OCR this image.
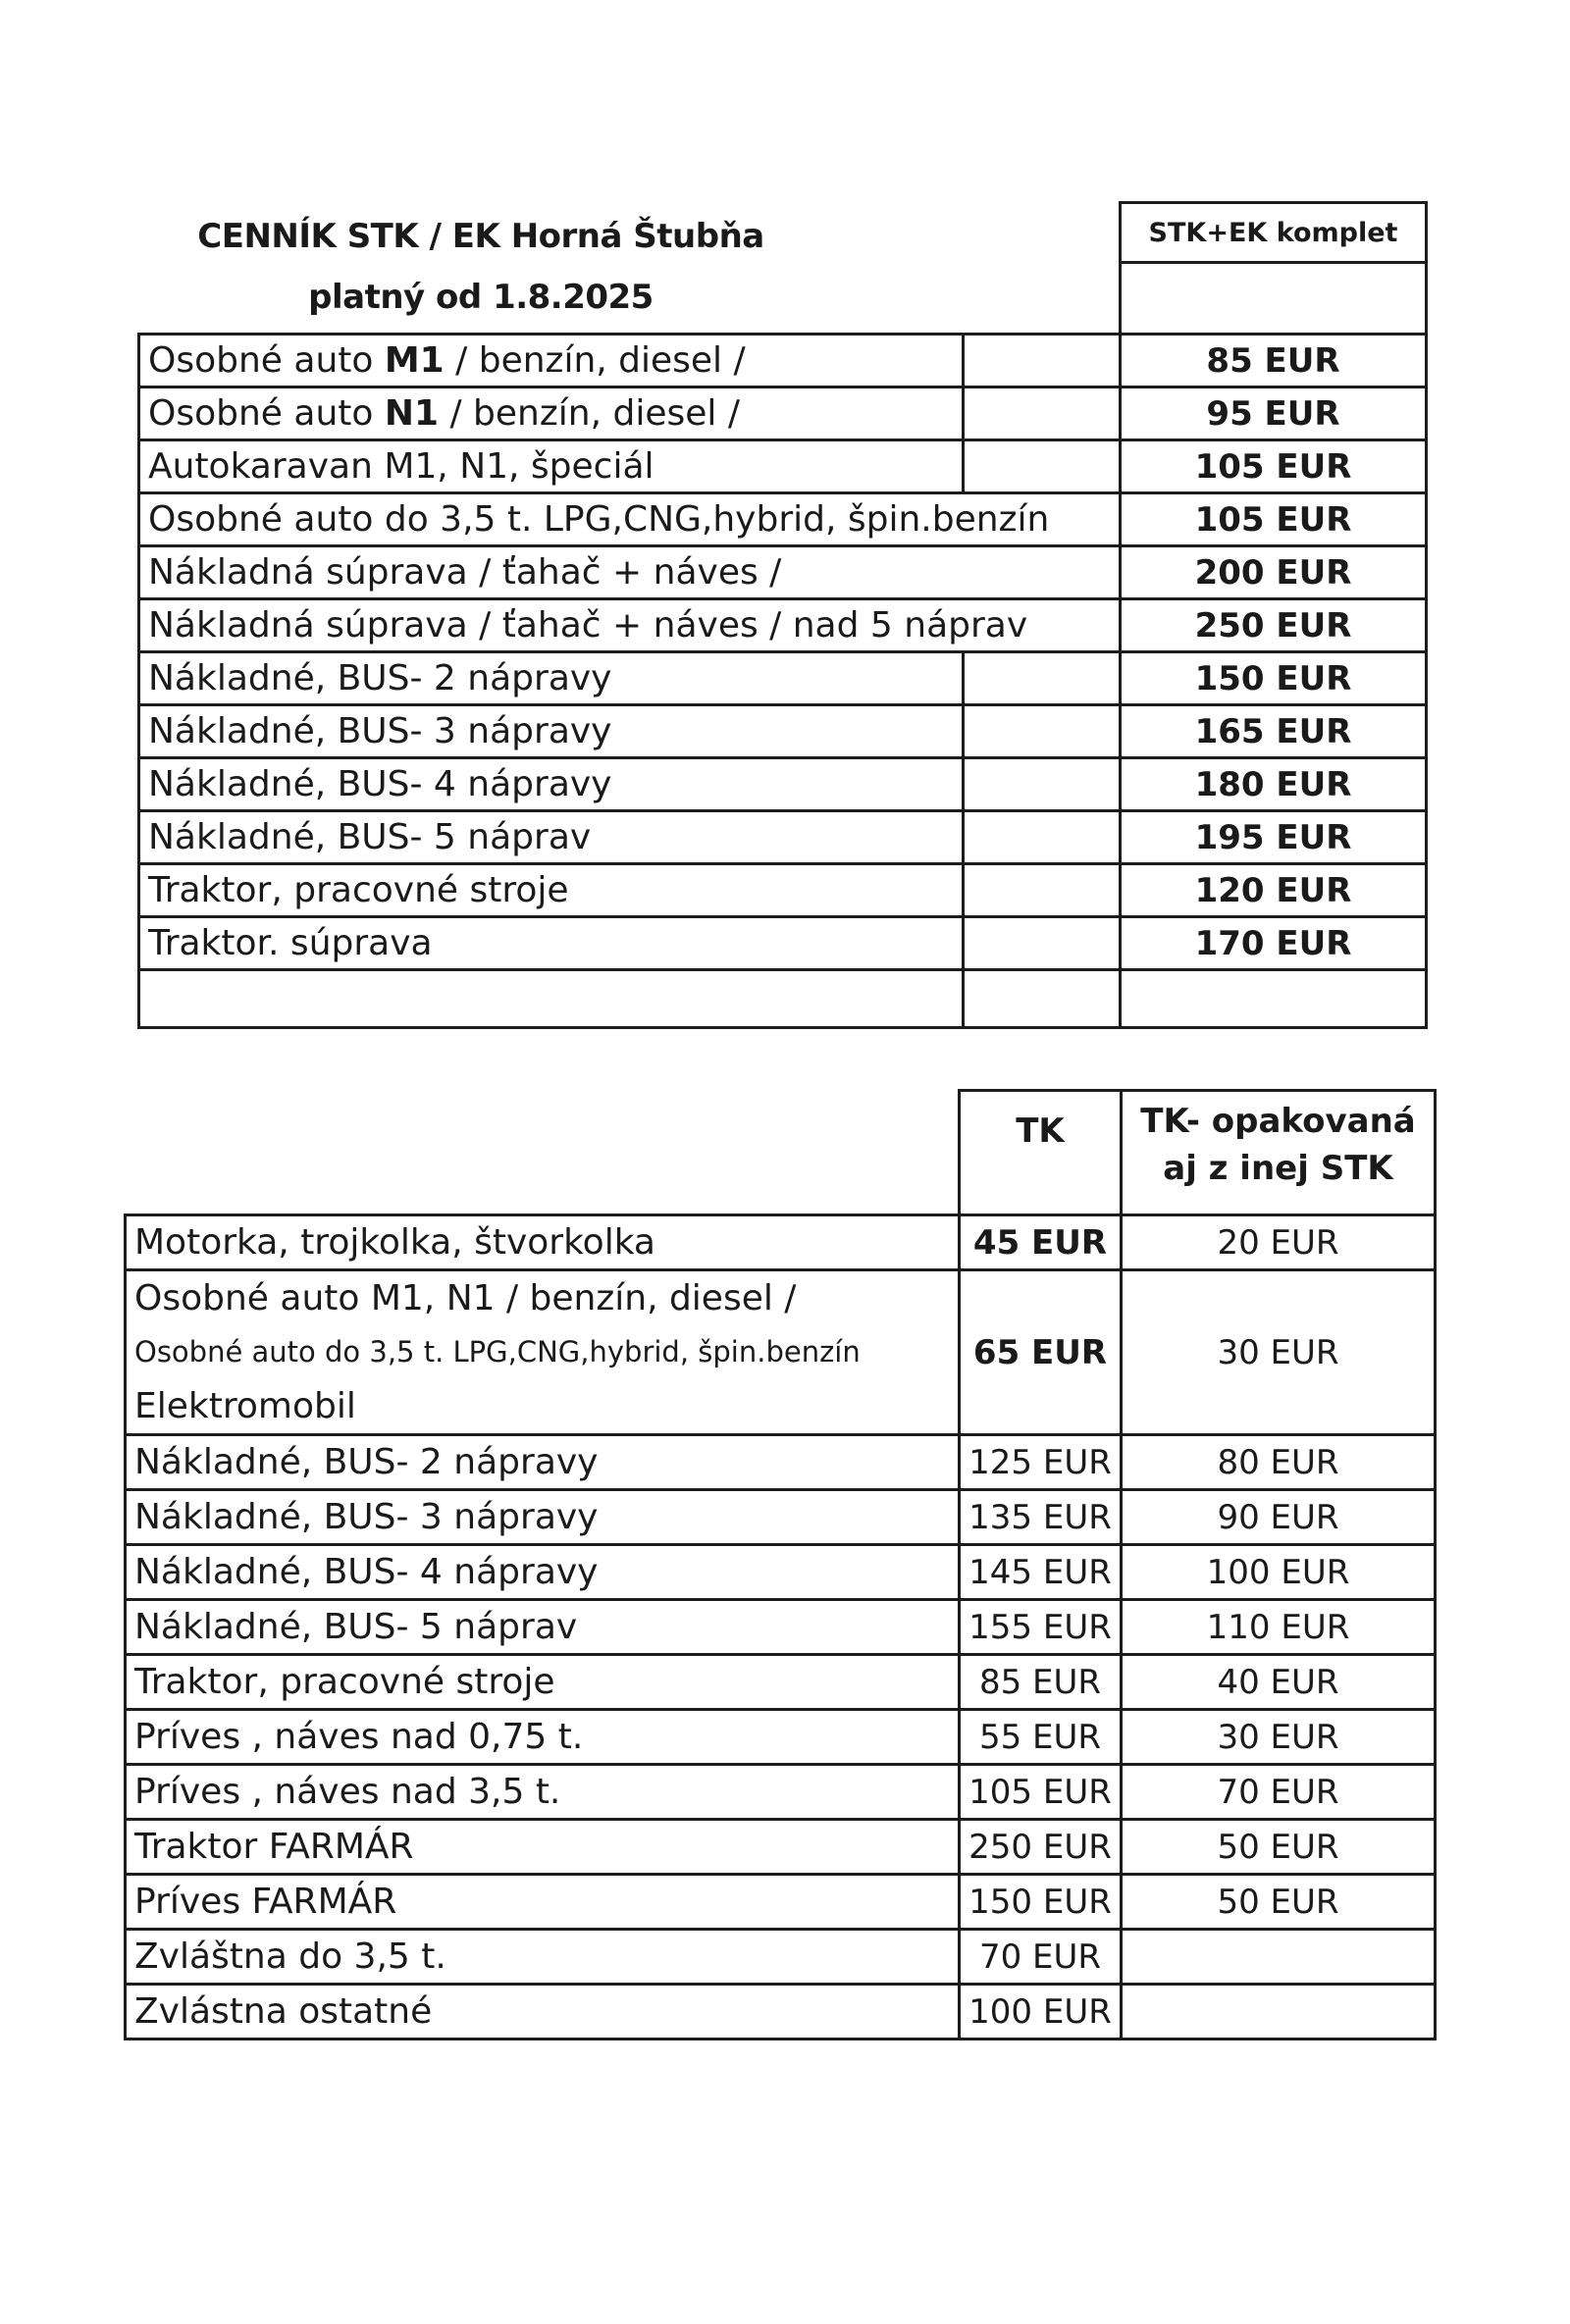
CENNÍK STK / EK Horná Štubňa
platný od 1.8.2025
		STK+EK komplet

Osobné auto M1 / benzín, diesel /		85 EUR
Osobné auto N1 / benzín, diesel /		95 EUR
Autokaravan M1, N1, špeciál		105 EUR
Osobné auto do 3,5 t. LPG,CNG,hybrid, špin.benzín		105 EUR
Nákladná súprava / ťahač + náves /		200 EUR
Nákladná súprava / ťahač + náves / nad 5 náprav		250 EUR
Nákladné, BUS- 2 nápravy		150 EUR
Nákladné, BUS- 3 nápravy		165 EUR
Nákladné, BUS- 4 nápravy		180 EUR
Nákladné, BUS- 5 náprav		195 EUR
Traktor, pracovné stroje		120 EUR
Traktor. súprava		170 EUR

	TK	TK- opakovaná
aj z inej STK

Motorka, trojkolka, štvorkolka	45 EUR	20 EUR

Osobné auto M1, N1 / benzín, diesel /
Osobné auto do 3,5 t. LPG,CNG,hybrid, špin.benzín
Elektromobil	65 EUR	30 EUR
Nákladné, BUS- 2 nápravy	125 EUR	80 EUR
Nákladné, BUS- 3 nápravy	135 EUR	90 EUR
Nákladné, BUS- 4 nápravy	145 EUR	100 EUR
Nákladné, BUS- 5 náprav	155 EUR	110 EUR
Traktor, pracovné stroje	85 EUR	40 EUR
Príves , náves nad 0,75 t.	55 EUR	30 EUR
Príves , náves nad 3,5 t.	105 EUR	70 EUR
Traktor FARMÁR	250 EUR	50 EUR
Príves FARMÁR	150 EUR	50 EUR
Zvláštna do 3,5 t.	70 EUR	
Zvlástna ostatné	100 EUR	
